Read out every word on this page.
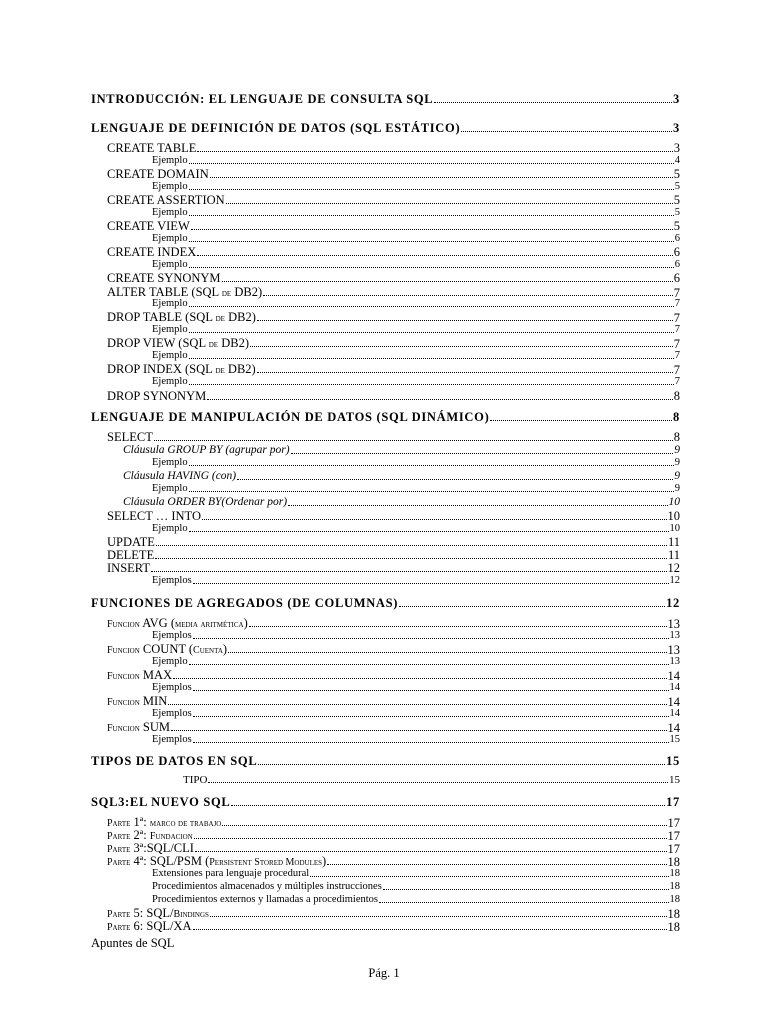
INTRODUCCIÓN: EL LENGUAJE DE CONSULTA SQL	3
LENGUAJE DE DEFINICIÓN DE DATOS (SQL ESTÁTICO)	3
CREATE TABLE	3
Ejemplo	4
CREATE DOMAIN	5
Ejemplo	5
CREATE ASSERTION	5
Ejemplo	5
CREATE VIEW	5
Ejemplo	6
CREATE INDEX	6
Ejemplo	6
CREATE SYNONYM	6
ALTER TABLE (SQL de DB2)	7
Ejemplo	7
DROP TABLE (SQL de DB2)	7
Ejemplo	7
DROP VIEW (SQL de DB2)	7
Ejemplo	7
DROP INDEX (SQL de DB2)	7
Ejemplo	7
DROP SYNONYM	8
LENGUAJE DE MANIPULACIÓN DE DATOS (SQL DINÁMICO)	8
SELECT	8
Cláusula GROUP BY (agrupar por)	9
Ejemplo	9
Cláusula HAVING (con)	9
Ejemplo	9
Cláusula ORDER BY(Ordenar por)	10
SELECT … INTO	10
Ejemplo	10
UPDATE	11
DELETE	11
INSERT	12
Ejemplos	12
FUNCIONES DE AGREGADOS (DE COLUMNAS)	12
Funcion AVG (media aritmética)	13
Ejemplos	13
Funcion COUNT (Cuenta)	13
Ejemplo	13
Funcion MAX	14
Ejemplos	14
Funcion MIN	14
Ejemplos	14
Funcion SUM	14
Ejemplos	15
TIPOS DE DATOS EN SQL	15
TIPO	15
SQL3:EL NUEVO SQL	17
Parte 1ª: marco de trabajo	17
Parte 2ª: Fundacion	17
Parte 3ª:SQL/CLI	17
Parte 4ª: SQL/PSM (Persistent Stored Modules)	18
Extensiones para lenguaje procedural	18
Procedimientos almacenados y múltiples instrucciones	18
Procedimientos externos y llamadas a procedimientos	18
Parte 5: SQL/Bindings	18
Parte 6: SQL/XA	18
Apuntes de SQL
Pág. 1
